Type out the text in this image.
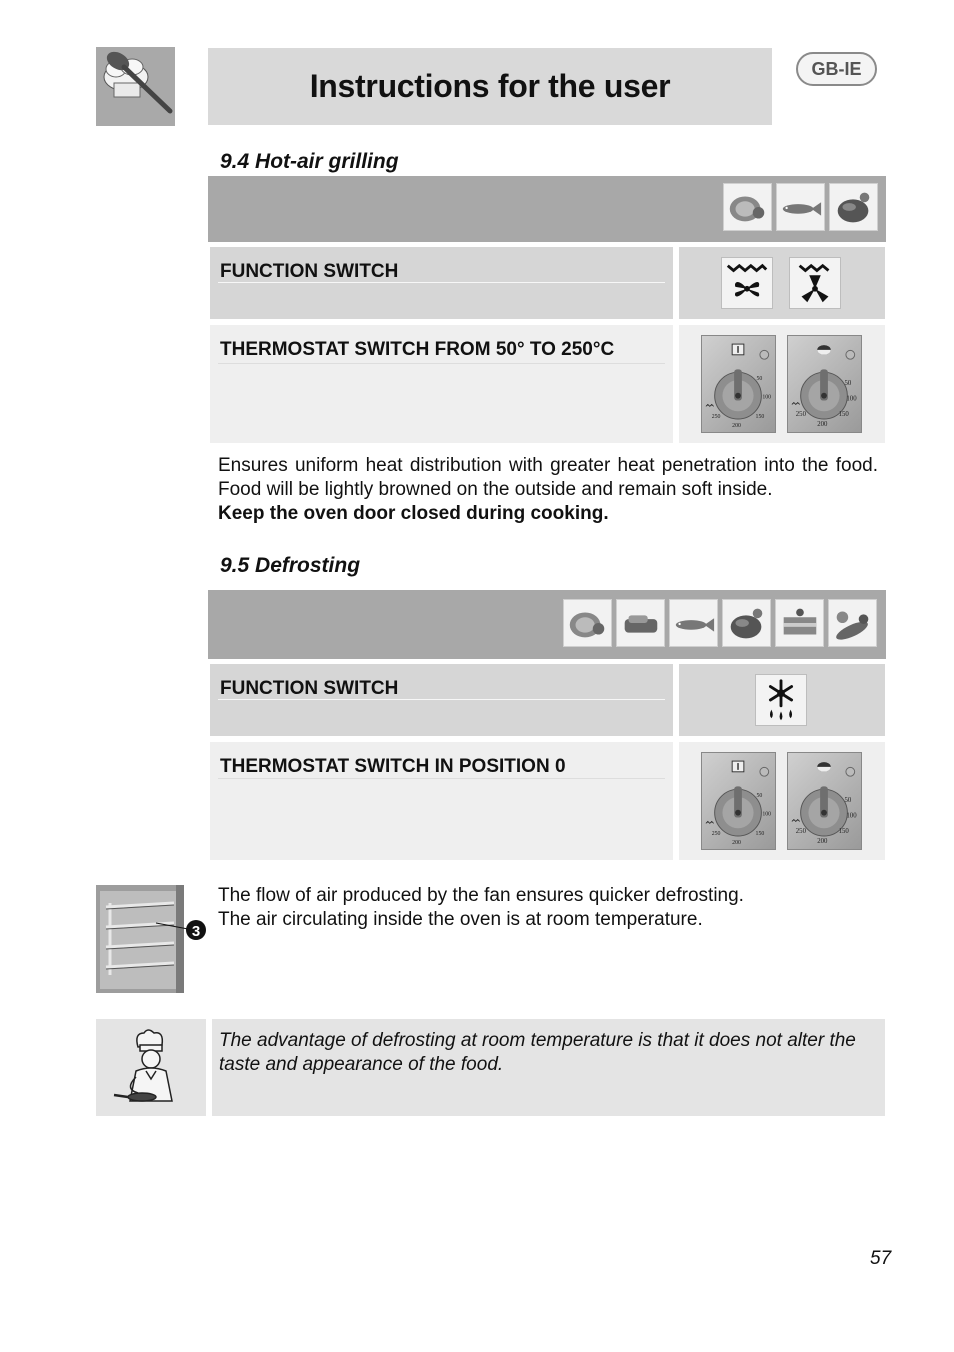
Instructions for the user	GB-IE
9.4 Hot-air grilling
FUNCTION SWITCH
THERMOSTAT SWITCH FROM 50° TO 250°C
50
100
150
200
250
50
100
150
200
250
Ensures uniform heat distribution with greater heat penetration into the food. Food will be lightly browned on the outside and remain soft inside.
Keep the oven door closed during cooking.
9.5 Defrosting
FUNCTION SWITCH
THERMOSTAT SWITCH IN POSITION 0
50
100
150
200
250
50
100
150
200
250
3
The flow of air produced by the fan ensures quicker defrosting.
The air circulating inside the oven is at room temperature.
The advantage of defrosting at room temperature is that it does not alter the taste and appearance of the food.
57
